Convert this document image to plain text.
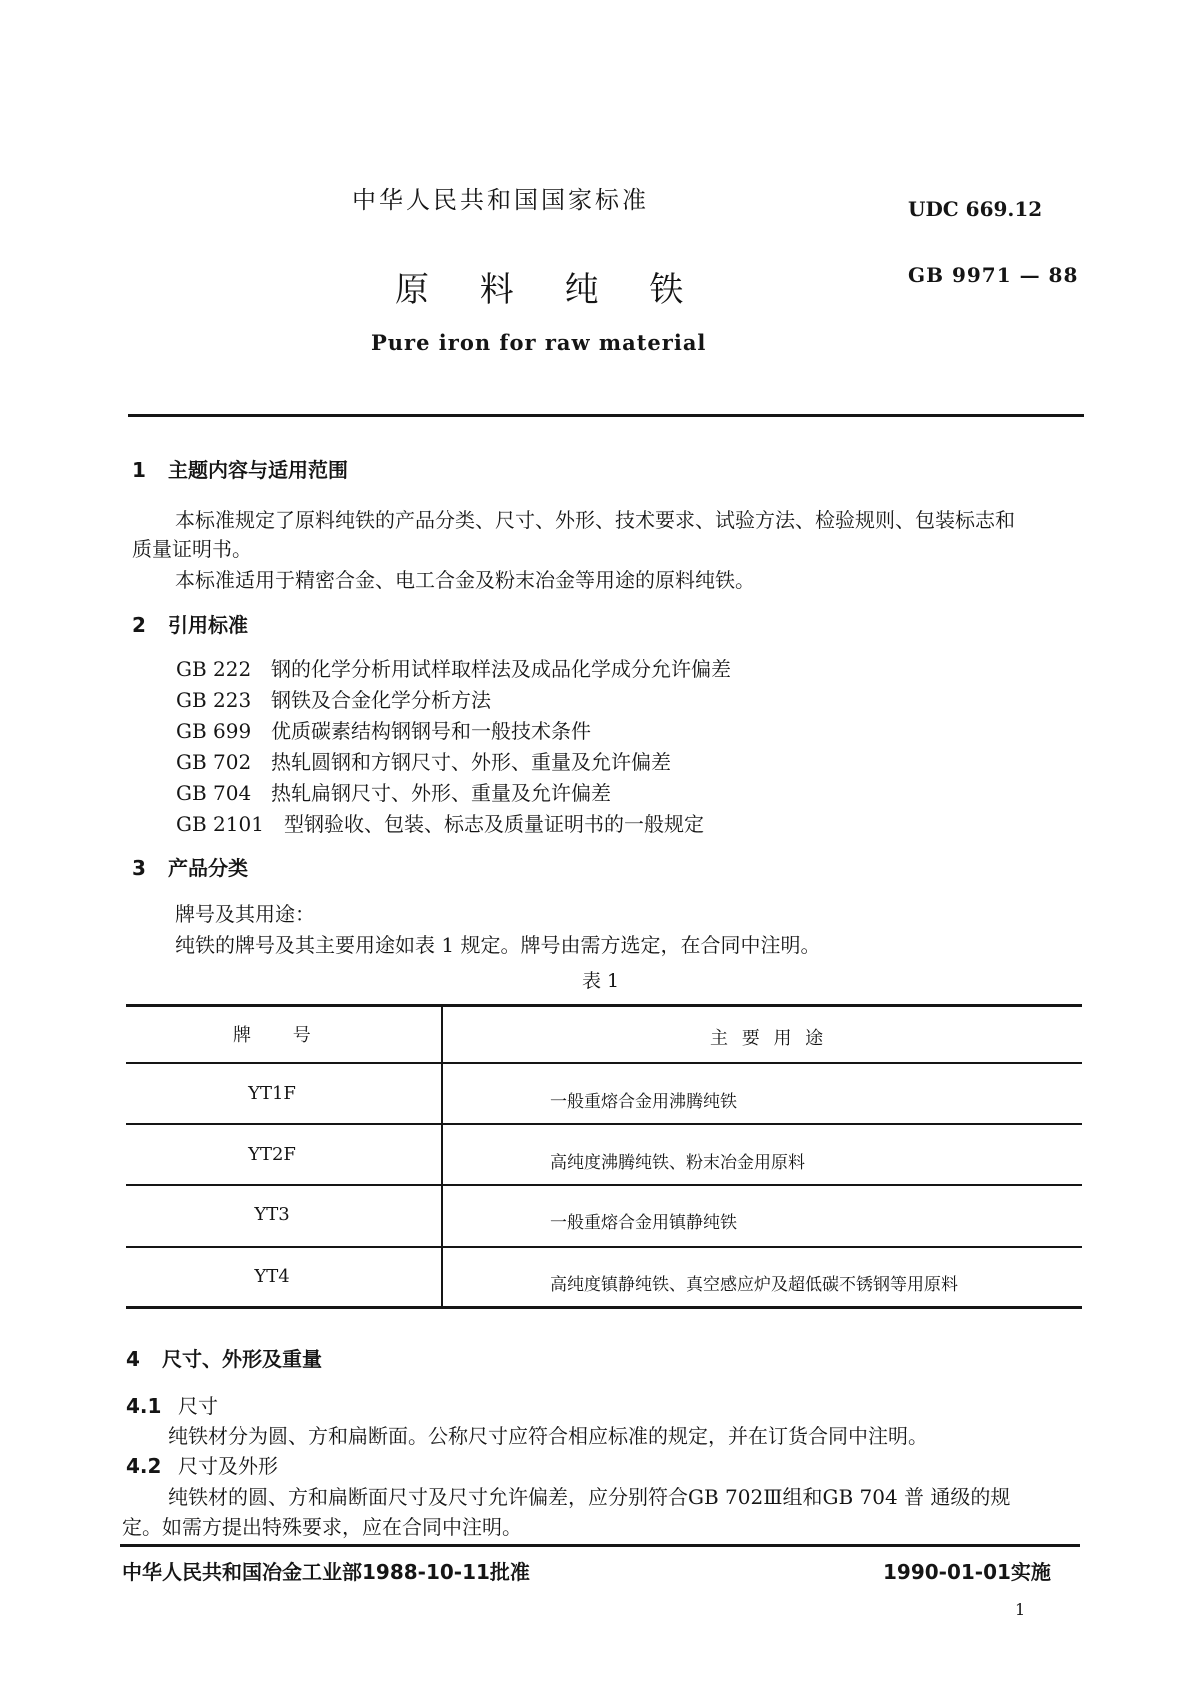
中华人民共和国国家标准	UDC 669.12
原 料 纯 铁	GB 9971 — 88
Pure iron for raw material
1 主题内容与适用范围
本标准规定了原料纯铁的产品分类、尺寸、外形、技术要求、试验方法、检验规则、包装标志和
质量证明书。
本标准适用于精密合金、电工合金及粉末冶金等用途的原料纯铁。
2 引用标准
GB 222 钢的化学分析用试样取样法及成品化学成分允许偏差
GB 223 钢铁及合金化学分析方法
GB 699 优质碳素结构钢钢号和一般技术条件
GB 702 热轧圆钢和方钢尺寸、外形、重量及允许偏差
GB 704 热轧扁钢尺寸、外形、重量及允许偏差
GB 2101 型钢验收、包装、标志及质量证明书的一般规定
3 产品分类
牌号及其用途：
纯铁的牌号及其主要用途如表 1 规定。牌号由需方选定，在合同中注明。
表 1
牌 号	主 要 用 途
YT1F	一般重熔合金用沸腾纯铁
YT2F	高纯度沸腾纯铁、粉末冶金用原料
YT3	一般重熔合金用镇静纯铁
YT4	高纯度镇静纯铁、真空感应炉及超低碳不锈钢等用原料
4 尺寸、外形及重量
4.1 尺寸
纯铁材分为圆、方和扁断面。公称尺寸应符合相应标准的规定，并在订货合同中注明。
4.2 尺寸及外形
纯铁材的圆、方和扁断面尺寸及尺寸允许偏差，应分别符合GB 702Ⅲ组和GB 704 普 通级的规
定。如需方提出特殊要求，应在合同中注明。
中华人民共和国冶金工业部1988-10-11批准	1990-01-01实施
1
